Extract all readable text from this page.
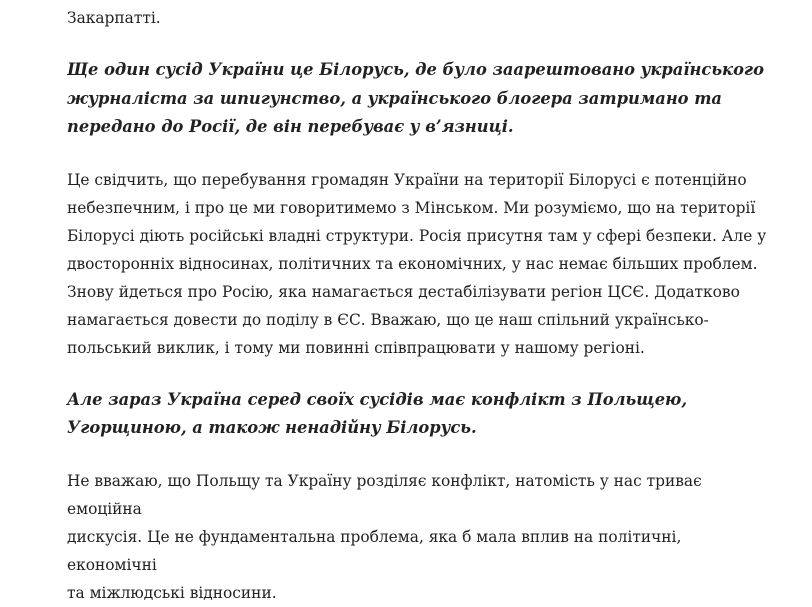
Закарпатті.

Ще один сусід України це Білорусь, де було заарештовано українського
журналіста за шпигунство, а українського блогера затримано та
передано до Росії, де він перебуває у в’язниці.

Це свідчить, що перебування громадян України на території Білорусі є потенційно
небезпечним, і про це ми говоритимемо з Мінськом. Ми розуміємо, що на території
Білорусі діють російські владні структури. Росія присутня там у сфері безпеки. Але у
двосторонніх відносинах, політичних та економічних, у нас немає більших проблем.
Знову йдеться про Росію, яка намагається дестабілізувати регіон ЦСЄ. Додатково
намагається довести до поділу в ЄС. Вважаю, що це наш спільний українсько-
польський виклик, і тому ми повинні співпрацювати у нашому регіоні.

Але зараз Україна серед своїх сусідів має конфлікт з Польщею,
Угорщиною, а також ненадійну Білорусь.

Не вважаю, що Польщу та Україну розділяє конфлікт, натомість у нас триває емоційна
дискусія. Це не фундаментальна проблема, яка б мала вплив на політичні, економічні
та міжлюдські відносини.
